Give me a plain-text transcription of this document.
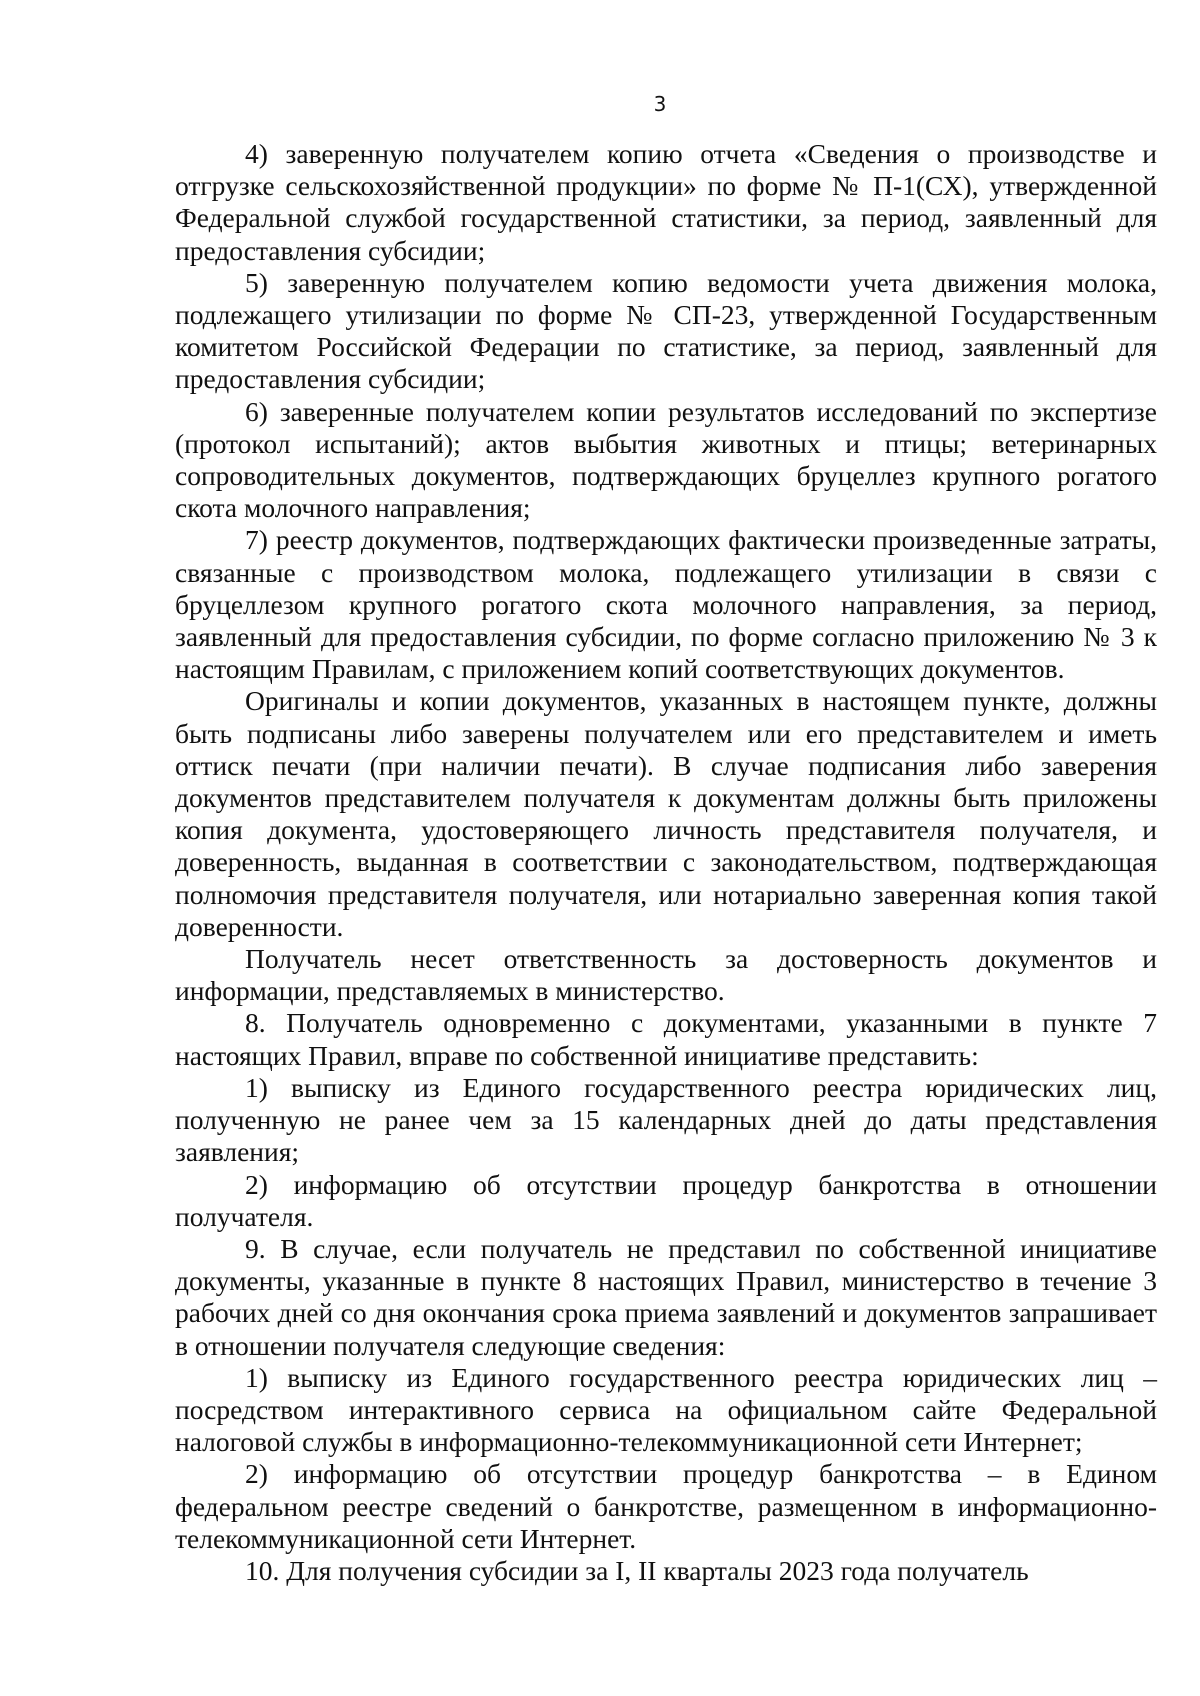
3

4) заверенную получателем копию отчета «Сведения о производстве и отгрузке сельскохозяйственной продукции» по форме № П-1(СХ), утвержденной Федеральной службой государственной статистики, за период, заявленный для предоставления субсидии;

5) заверенную получателем копию ведомости учета движения молока, подлежащего утилизации по форме № СП-23, утвержденной Государственным комитетом Российской Федерации по статистике, за период, заявленный для предоставления субсидии;

6) заверенные получателем копии результатов исследований по экспертизе (протокол испытаний); актов выбытия животных и птицы; ветеринарных сопроводительных документов, подтверждающих бруцеллез крупного рогатого скота молочного направления;

7) реестр документов, подтверждающих фактически произведенные затраты, связанные с производством молока, подлежащего утилизации в связи с бруцеллезом крупного рогатого скота молочного направления, за период, заявленный для предоставления субсидии, по форме согласно приложению № 3 к настоящим Правилам, с приложением копий соответствующих документов.

Оригиналы и копии документов, указанных в настоящем пункте, должны быть подписаны либо заверены получателем или его представителем и иметь оттиск печати (при наличии печати). В случае подписания либо заверения документов представителем получателя к документам должны быть приложены копия документа, удостоверяющего личность представителя получателя, и доверенность, выданная в соответствии с законодательством, подтверждающая полномочия представителя получателя, или нотариально заверенная копия такой доверенности.

Получатель несет ответственность за достоверность документов и информации, представляемых в министерство.

8. Получатель одновременно с документами, указанными в пункте 7 настоящих Правил, вправе по собственной инициативе представить:

1) выписку из Единого государственного реестра юридических лиц, полученную не ранее чем за 15 календарных дней до даты представления заявления;

2) информацию об отсутствии процедур банкротства в отношении получателя.

9. В случае, если получатель не представил по собственной инициативе документы, указанные в пункте 8 настоящих Правил, министерство в течение 3 рабочих дней со дня окончания срока приема заявлений и документов запрашивает в отношении получателя следующие сведения:

1) выписку из Единого государственного реестра юридических лиц – посредством интерактивного сервиса на официальном сайте Федеральной налоговой службы в информационно-телекоммуникационной сети Интернет;

2) информацию об отсутствии процедур банкротства – в Едином федеральном реестре сведений о банкротстве, размещенном в информационно-телекоммуникационной сети Интернет.

10. Для получения субсидии за I, II кварталы 2023 года получатель
